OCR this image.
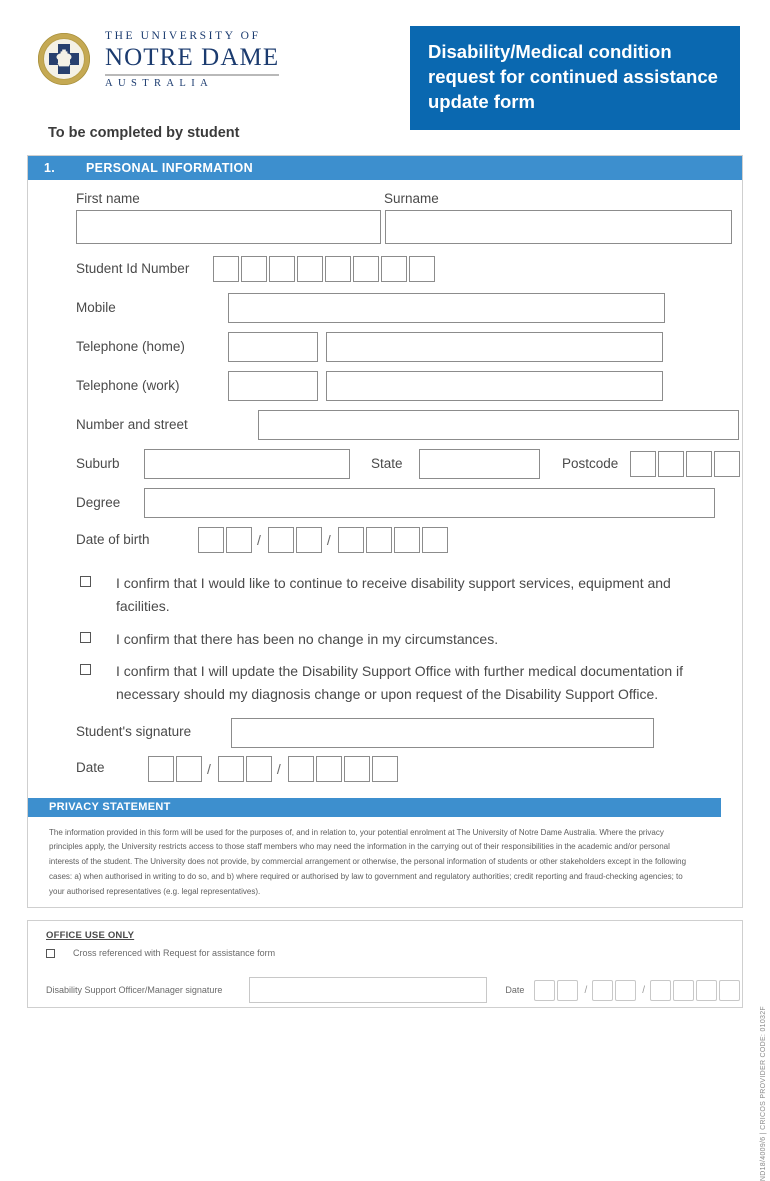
THE UNIVERSITY OF
NOTRE DAME
AUSTRALIA
Disability/Medical condition request for continued assistance update form
To be completed by student
1.	PERSONAL INFORMATION
First name	Surname
Student Id Number
Mobile
Telephone (home)
Telephone (work)
Number and street
Suburb	State	Postcode
Degree
Date of birth	/	/
I confirm that I would like to continue to receive disability support services, equipment and facilities.
I confirm that there has been no change in my circumstances.
I confirm that I will update the Disability Support Office with further medical documentation if necessary should my diagnosis change or upon request of the Disability Support Office.
Student's signature
Date	/	/
PRIVACY STATEMENT
The information provided in this form will be used for the purposes of, and in relation to, your potential enrolment at The University of Notre Dame Australia. Where the privacy principles apply, the University restricts access to those staff members who may need the information in the carrying out of their responsibilities in the academic and/or personal interests of the student. The University does not provide, by commercial arrangement or otherwise, the personal information of students or other stakeholders except in the following cases: a) when authorised in writing to do so, and b) where required or authorised by law to government and regulatory authorities; credit reporting and fraud-checking agencies; to your authorised representatives (e.g. legal representatives).
OFFICE USE ONLY
Cross referenced with Request for assistance form
Disability Support Officer/Manager signature	Date	/	/
ND18/4009/6 | CRICOS PROVIDER CODE: 01032F
